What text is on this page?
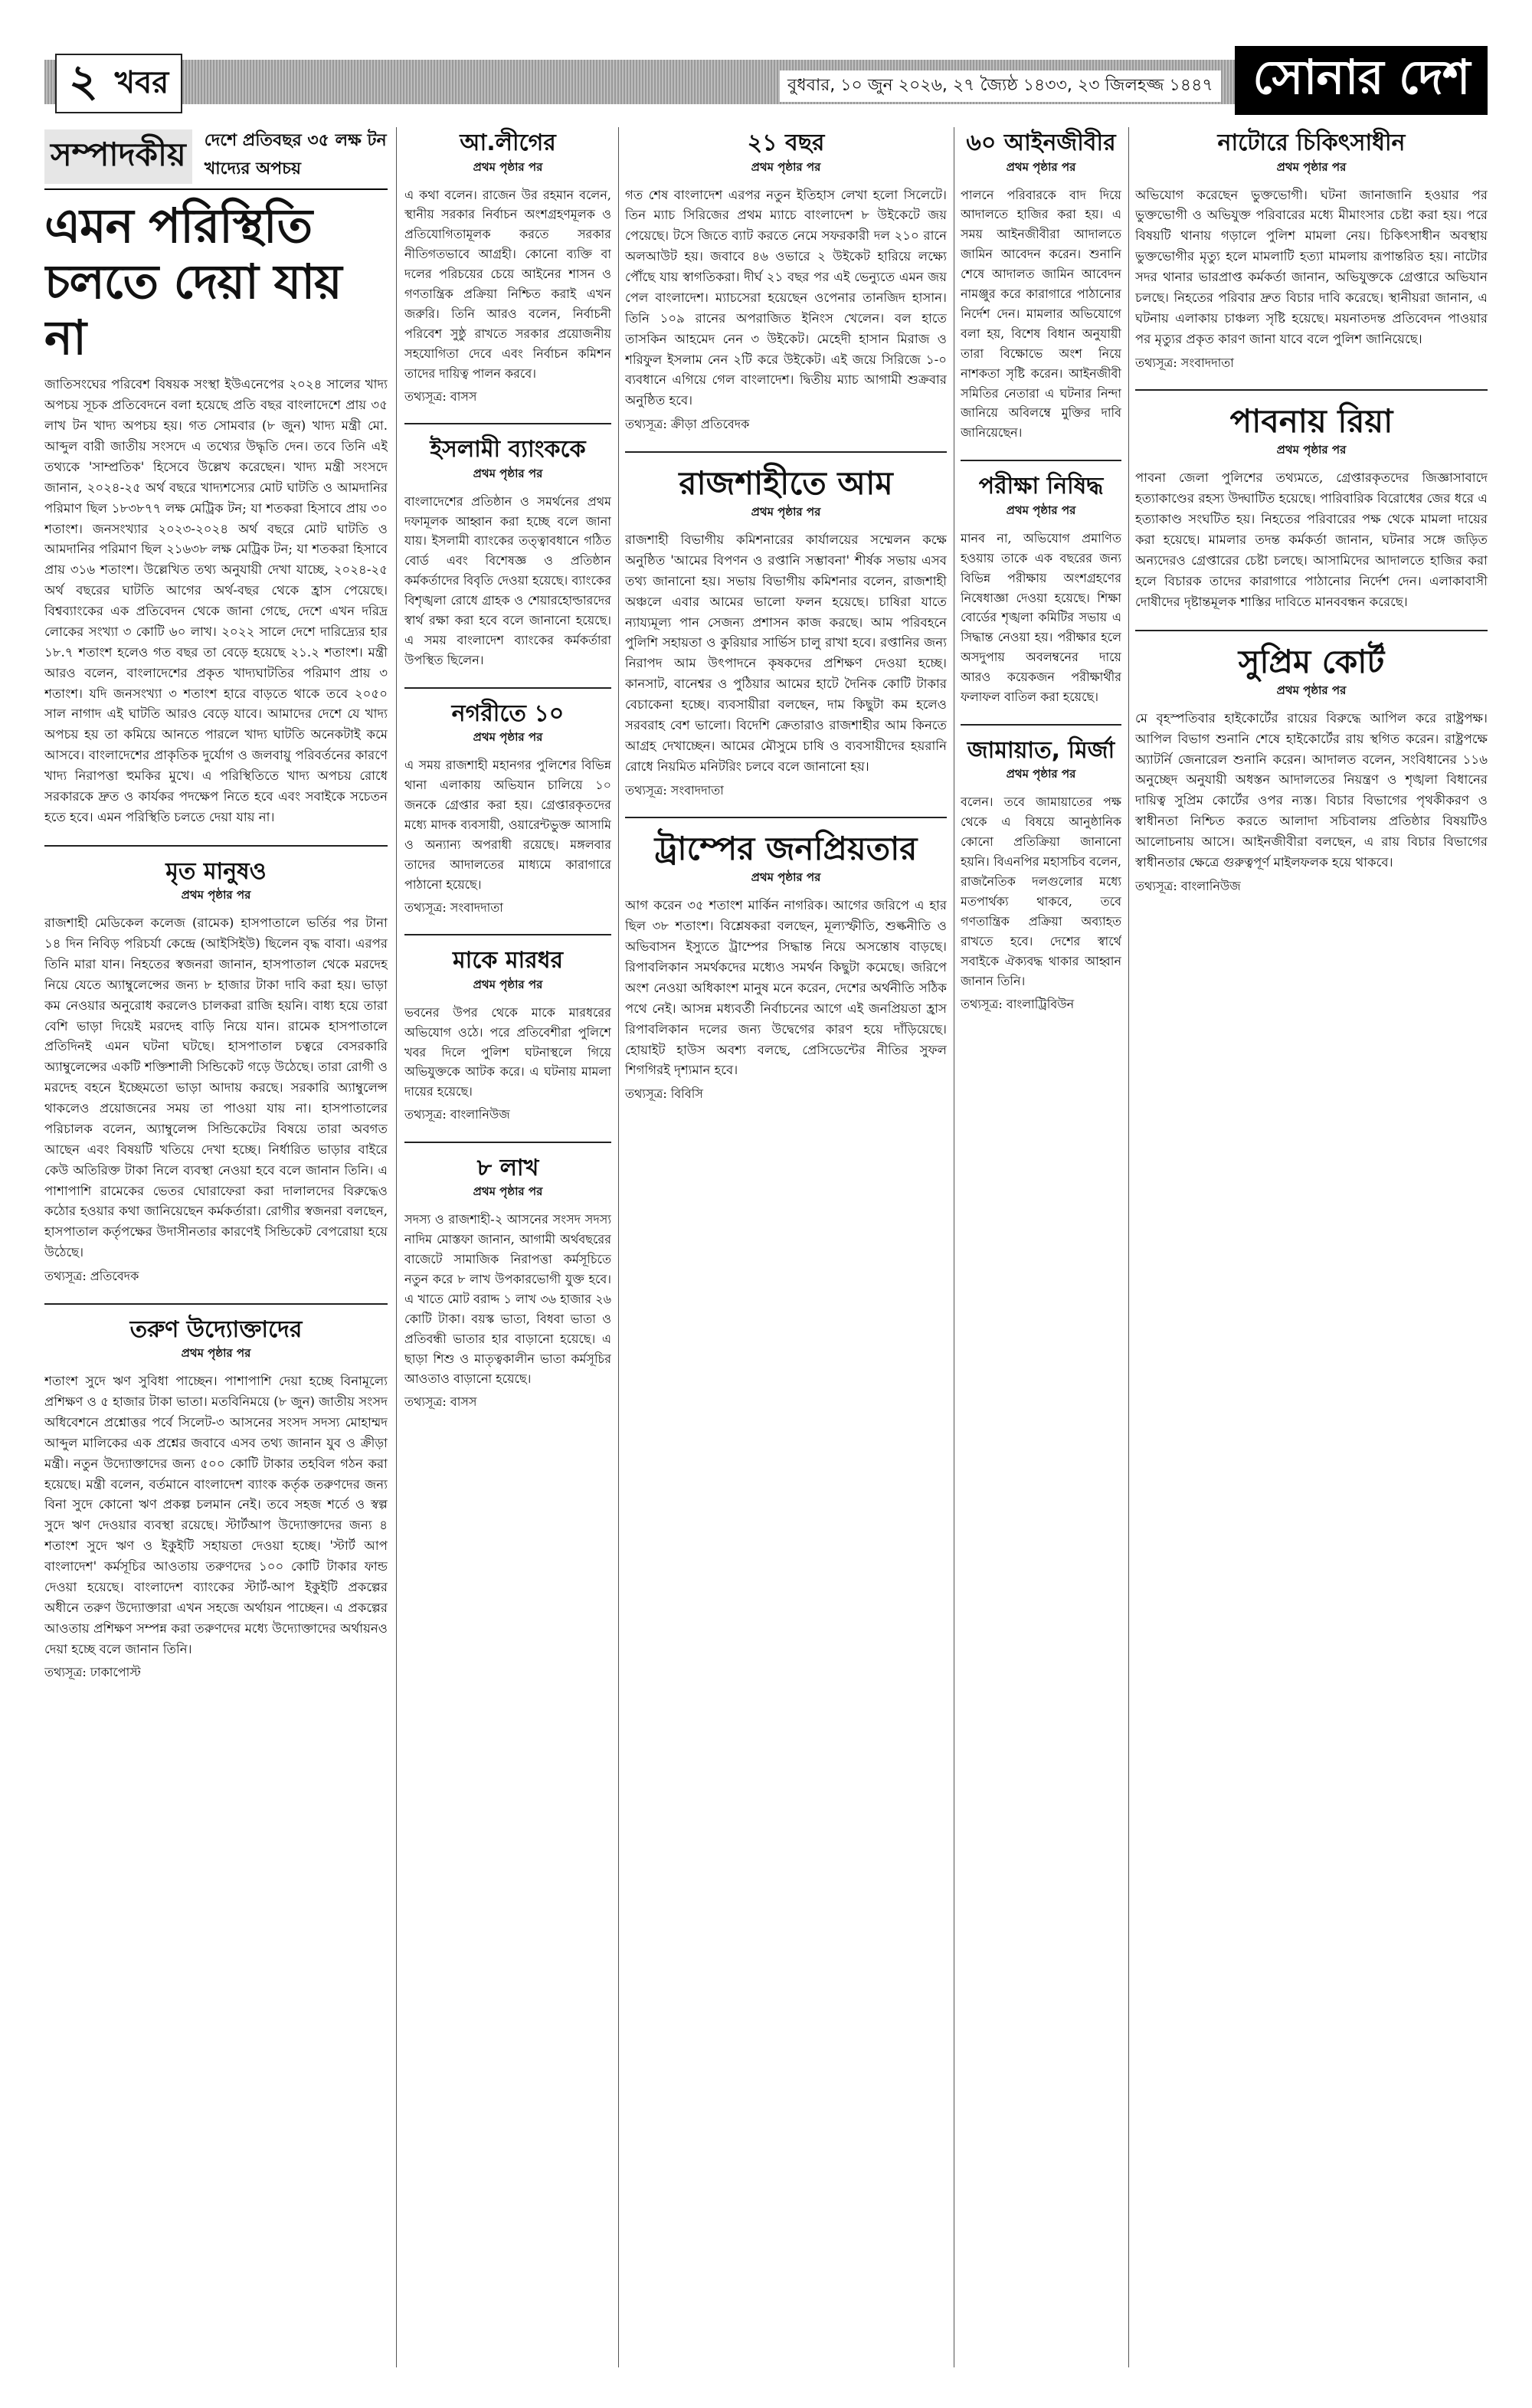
২ খবর	বুধবার, ১০ জুন ২০২৬, ২৭ জ্যৈষ্ঠ ১৪৩৩, ২৩ জিলহজ্জ ১৪৪৭ সোনার দেশ
সম্পাদকীয়	দেশে প্রতিবছর ৩৫ লক্ষ টন খাদ্যের অপচয়
এমন পরিস্থিতি চলতে দেয়া যায় না

জাতিসংঘের পরিবেশ বিষয়ক সংস্থা ইউএনেপের ২০২৪ সালের খাদ্য অপচয় সূচক প্রতিবেদনে বলা হয়েছে প্রতি বছর বাংলাদেশে প্রায় ৩৫ লাখ টন খাদ্য অপচয় হয়। গত সোমবার (৮ জুন) খাদ্য মন্ত্রী মো. আব্দুল বারী জাতীয় সংসদে এ তথ্যের উদ্ধৃতি দেন। তবে তিনি এই তথ্যকে 'সাম্প্রতিক' হিসেবে উল্লেখ করেছেন। খাদ্য মন্ত্রী সংসদে জানান, ২০২৪-২৫ অর্থ বছরে খাদ্যশস্যের মোট ঘাটতি ও আমদানির পরিমাণ ছিল ১৮৩৮৭৭ লক্ষ মেট্রিক টন; যা শতকরা হিসাবে প্রায় ৩০ শতাংশ। জনসংখ্যার ২০২৩-২০২৪ অর্থ বছরে মোট ঘাটতি ও আমদানির পরিমাণ ছিল ২১৬৩৮ লক্ষ মেট্রিক টন; যা শতকরা হিসাবে প্রায় ৩১৬ শতাংশ। উল্লেখিত তথ্য অনুযায়ী দেখা যাচ্ছে, ২০২৪-২৫ অর্থ বছরের ঘাটতি আগের অর্থ-বছর থেকে হ্রাস পেয়েছে। বিশ্বব্যাংকের এক প্রতিবেদন থেকে জানা গেছে, দেশে এখন দরিদ্র লোকের সংখ্যা ৩ কোটি ৬০ লাখ। ২০২২ সালে দেশে দারিদ্র্যের হার ১৮.৭ শতাংশ হলেও গত বছর তা বেড়ে হয়েছে ২১.২ শতাংশ। মন্ত্রী আরও বলেন, বাংলাদেশের প্রকৃত খাদ্যঘাটতির পরিমাণ প্রায় ৩ শতাংশ। যদি জনসংখ্যা ৩ শতাংশ হারে বাড়তে থাকে তবে ২০৫০ সাল নাগাদ এই ঘাটতি আরও বেড়ে যাবে। আমাদের দেশে যে খাদ্য অপচয় হয় তা কমিয়ে আনতে পারলে খাদ্য ঘাটতি অনেকটাই কমে আসবে। বাংলাদেশের প্রাকৃতিক দুর্যোগ ও জলবায়ু পরিবর্তনের কারণে খাদ্য নিরাপত্তা হুমকির মুখে। এ পরিস্থিতিতে খাদ্য অপচয় রোধে সরকারকে দ্রুত ও কার্যকর পদক্ষেপ নিতে হবে এবং সবাইকে সচেতন হতে হবে। এমন পরিস্থিতি চলতে দেয়া যায় না।

মৃত মানুষও
প্রথম পৃষ্ঠার পর

রাজশাহী মেডিকেল কলেজ (রামেক) হাসপাতালে ভর্তির পর টানা ১৪ দিন নিবিড় পরিচর্যা কেন্দ্রে (আইসিইউ) ছিলেন বৃদ্ধ বাবা। এরপর তিনি মারা যান। নিহতের স্বজনরা জানান, হাসপাতাল থেকে মরদেহ নিয়ে যেতে অ্যাম্বুলেন্সের জন্য ৮ হাজার টাকা দাবি করা হয়। ভাড়া কম নেওয়ার অনুরোধ করলেও চালকরা রাজি হয়নি। বাধ্য হয়ে তারা বেশি ভাড়া দিয়েই মরদেহ বাড়ি নিয়ে যান। রামেক হাসপাতালে প্রতিদিনই এমন ঘটনা ঘটছে। হাসপাতাল চত্বরে বেসরকারি অ্যাম্বুলেন্সের একটি শক্তিশালী সিন্ডিকেট গড়ে উঠেছে। তারা রোগী ও মরদেহ বহনে ইচ্ছেমতো ভাড়া আদায় করছে। সরকারি অ্যাম্বুলেন্স থাকলেও প্রয়োজনের সময় তা পাওয়া যায় না। হাসপাতালের পরিচালক বলেন, অ্যাম্বুলেন্স সিন্ডিকেটের বিষয়ে তারা অবগত আছেন এবং বিষয়টি খতিয়ে দেখা হচ্ছে। নির্ধারিত ভাড়ার বাইরে কেউ অতিরিক্ত টাকা নিলে ব্যবস্থা নেওয়া হবে বলে জানান তিনি। এ পাশাপাশি রামেকের ভেতর ঘোরাফেরা করা দালালদের বিরুদ্ধেও কঠোর হওয়ার কথা জানিয়েছেন কর্মকর্তারা। রোগীর স্বজনরা বলছেন, হাসপাতাল কর্তৃপক্ষের উদাসীনতার কারণেই সিন্ডিকেট বেপরোয়া হয়ে উঠেছে।

তথ্যসূত্র: প্রতিবেদক
তরুণ উদ্যোক্তাদের
প্রথম পৃষ্ঠার পর

শতাংশ সুদে ঋণ সুবিধা পাচ্ছেন। পাশাপাশি দেয়া হচ্ছে বিনামূল্যে প্রশিক্ষণ ও ৫ হাজার টাকা ভাতা। মতবিনিময়ে (৮ জুন) জাতীয় সংসদ অধিবেশনে প্রশ্নোত্তর পর্বে সিলেট-৩ আসনের সংসদ সদস্য মোহাম্মদ আব্দুল মালিকের এক প্রশ্নের জবাবে এসব তথ্য জানান যুব ও ক্রীড়া মন্ত্রী। নতুন উদ্যোক্তাদের জন্য ৫০০ কোটি টাকার তহবিল গঠন করা হয়েছে। মন্ত্রী বলেন, বর্তমানে বাংলাদেশ ব্যাংক কর্তৃক তরুণদের জন্য বিনা সুদে কোনো ঋণ প্রকল্প চলমান নেই। তবে সহজ শর্তে ও স্বল্প সুদে ঋণ দেওয়ার ব্যবস্থা রয়েছে। স্টার্টআপ উদ্যোক্তাদের জন্য ৪ শতাংশ সুদে ঋণ ও ইকুইটি সহায়তা দেওয়া হচ্ছে। 'স্টার্ট আপ বাংলাদেশ' কর্মসূচির আওতায় তরুণদের ১০০ কোটি টাকার ফান্ড দেওয়া হয়েছে। বাংলাদেশ ব্যাংকের স্টার্ট-আপ ইকুইটি প্রকল্পের অধীনে তরুণ উদ্যোক্তারা এখন সহজে অর্থায়ন পাচ্ছেন। এ প্রকল্পের আওতায় প্রশিক্ষণ সম্পন্ন করা তরুণদের মধ্যে উদ্যোক্তাদের অর্থায়নও দেয়া হচ্ছে বলে জানান তিনি।

তথ্যসূত্র: ঢাকাপোস্ট
আ.লীগের
প্রথম পৃষ্ঠার পর

এ কথা বলেন। রাজেন উর রহমান বলেন, স্থানীয় সরকার নির্বাচন অংশগ্রহণমূলক ও প্রতিযোগিতামূলক করতে সরকার নীতিগতভাবে আগ্রহী। কোনো ব্যক্তি বা দলের পরিচয়ের চেয়ে আইনের শাসন ও গণতান্ত্রিক প্রক্রিয়া নিশ্চিত করাই এখন জরুরি। তিনি আরও বলেন, নির্বাচনী পরিবেশ সুষ্ঠু রাখতে সরকার প্রয়োজনীয় সহযোগিতা দেবে এবং নির্বাচন কমিশন তাদের দায়িত্ব পালন করবে।

তথ্যসূত্র: বাসস
ইসলামী ব্যাংককে
প্রথম পৃষ্ঠার পর

বাংলাদেশের প্রতিষ্ঠান ও সমর্থনের প্রথম দফামূলক আহ্বান করা হচ্ছে বলে জানা যায়। ইসলামী ব্যাংকের তত্ত্বাবধানে গঠিত বোর্ড এবং বিশেষজ্ঞ ও প্রতিষ্ঠান কর্মকর্তাদের বিবৃতি দেওয়া হয়েছে। ব্যাংকের বিশৃঙ্খলা রোধে গ্রাহক ও শেয়ারহোল্ডারদের স্বার্থ রক্ষা করা হবে বলে জানানো হয়েছে। এ সময় বাংলাদেশ ব্যাংকের কর্মকর্তারা উপস্থিত ছিলেন।

নগরীতে ১০
প্রথম পৃষ্ঠার পর

এ সময় রাজশাহী মহানগর পুলিশের বিভিন্ন থানা এলাকায় অভিযান চালিয়ে ১০ জনকে গ্রেপ্তার করা হয়। গ্রেপ্তারকৃতদের মধ্যে মাদক ব্যবসায়ী, ওয়ারেন্টভুক্ত আসামি ও অন্যান্য অপরাধী রয়েছে। মঙ্গলবার তাদের আদালতের মাধ্যমে কারাগারে পাঠানো হয়েছে।

তথ্যসূত্র: সংবাদদাতা
মাকে মারধর
প্রথম পৃষ্ঠার পর

ভবনের উপর থেকে মাকে মারধরের অভিযোগ ওঠে। পরে প্রতিবেশীরা পুলিশে খবর দিলে পুলিশ ঘটনাস্থলে গিয়ে অভিযুক্তকে আটক করে। এ ঘটনায় মামলা দায়ের হয়েছে।

তথ্যসূত্র: বাংলানিউজ
৮ লাখ
প্রথম পৃষ্ঠার পর

সদস্য ও রাজশাহী-২ আসনের সংসদ সদস্য নাদিম মোস্তফা জানান, আগামী অর্থবছরের বাজেটে সামাজিক নিরাপত্তা কর্মসূচিতে নতুন করে ৮ লাখ উপকারভোগী যুক্ত হবে। এ খাতে মোট বরাদ্দ ১ লাখ ৩৬ হাজার ২৬ কোটি টাকা। বয়স্ক ভাতা, বিধবা ভাতা ও প্রতিবন্ধী ভাতার হার বাড়ানো হয়েছে। এ ছাড়া শিশু ও মাতৃত্বকালীন ভাতা কর্মসূচির আওতাও বাড়ানো হয়েছে।

তথ্যসূত্র: বাসস
২১ বছর
প্রথম পৃষ্ঠার পর

গত শেষ বাংলাদেশ এরপর নতুন ইতিহাস লেখা হলো সিলেটে। তিন ম্যাচ সিরিজের প্রথম ম্যাচে বাংলাদেশ ৮ উইকেটে জয় পেয়েছে। টসে জিতে ব্যাট করতে নেমে সফরকারী দল ২১০ রানে অলআউট হয়। জবাবে ৪৬ ওভারে ২ উইকেট হারিয়ে লক্ষ্যে পৌঁছে যায় স্বাগতিকরা। দীর্ঘ ২১ বছর পর এই ভেন্যুতে এমন জয় পেল বাংলাদেশ। ম্যাচসেরা হয়েছেন ওপেনার তানজিদ হাসান। তিনি ১০৯ রানের অপরাজিত ইনিংস খেলেন। বল হাতে তাসকিন আহমেদ নেন ৩ উইকেট। মেহেদী হাসান মিরাজ ও শরিফুল ইসলাম নেন ২টি করে উইকেট। এই জয়ে সিরিজে ১-০ ব্যবধানে এগিয়ে গেল বাংলাদেশ। দ্বিতীয় ম্যাচ আগামী শুক্রবার অনুষ্ঠিত হবে।

তথ্যসূত্র: ক্রীড়া প্রতিবেদক
রাজশাহীতে আম
প্রথম পৃষ্ঠার পর

রাজশাহী বিভাগীয় কমিশনারের কার্যালয়ের সম্মেলন কক্ষে অনুষ্ঠিত 'আমের বিপণন ও রপ্তানি সম্ভাবনা' শীর্ষক সভায় এসব তথ্য জানানো হয়। সভায় বিভাগীয় কমিশনার বলেন, রাজশাহী অঞ্চলে এবার আমের ভালো ফলন হয়েছে। চাষিরা যাতে ন্যায্যমূল্য পান সেজন্য প্রশাসন কাজ করছে। আম পরিবহনে পুলিশি সহায়তা ও কুরিয়ার সার্ভিস চালু রাখা হবে। রপ্তানির জন্য নিরাপদ আম উৎপাদনে কৃষকদের প্রশিক্ষণ দেওয়া হচ্ছে। কানসাট, বানেশ্বর ও পুঠিয়ার আমের হাটে দৈনিক কোটি টাকার বেচাকেনা হচ্ছে। ব্যবসায়ীরা বলছেন, দাম কিছুটা কম হলেও সরবরাহ বেশ ভালো। বিদেশি ক্রেতারাও রাজশাহীর আম কিনতে আগ্রহ দেখাচ্ছেন। আমের মৌসুমে চাষি ও ব্যবসায়ীদের হয়রানি রোধে নিয়মিত মনিটরিং চলবে বলে জানানো হয়।

তথ্যসূত্র: সংবাদদাতা
ট্রাম্পের জনপ্রিয়তার
প্রথম পৃষ্ঠার পর

আগ করেন ৩৫ শতাংশ মার্কিন নাগরিক। আগের জরিপে এ হার ছিল ৩৮ শতাংশ। বিশ্লেষকরা বলছেন, মূল্যস্ফীতি, শুল্কনীতি ও অভিবাসন ইস্যুতে ট্রাম্পের সিদ্ধান্ত নিয়ে অসন্তোষ বাড়ছে। রিপাবলিকান সমর্থকদের মধ্যেও সমর্থন কিছুটা কমেছে। জরিপে অংশ নেওয়া অধিকাংশ মানুষ মনে করেন, দেশের অর্থনীতি সঠিক পথে নেই। আসন্ন মধ্যবর্তী নির্বাচনের আগে এই জনপ্রিয়তা হ্রাস রিপাবলিকান দলের জন্য উদ্বেগের কারণ হয়ে দাঁড়িয়েছে। হোয়াইট হাউস অবশ্য বলছে, প্রেসিডেন্টের নীতির সুফল শিগগিরই দৃশ্যমান হবে।

তথ্যসূত্র: বিবিসি
৬০ আইনজীবীর
প্রথম পৃষ্ঠার পর

পালনে পরিবারকে বাদ দিয়ে আদালতে হাজির করা হয়। এ সময় আইনজীবীরা আদালতে জামিন আবেদন করেন। শুনানি শেষে আদালত জামিন আবেদন নামঞ্জুর করে কারাগারে পাঠানোর নির্দেশ দেন। মামলার অভিযোগে বলা হয়, বিশেষ বিধান অনুযায়ী তারা বিক্ষোভে অংশ নিয়ে নাশকতা সৃষ্টি করেন। আইনজীবী সমিতির নেতারা এ ঘটনার নিন্দা জানিয়ে অবিলম্বে মুক্তির দাবি জানিয়েছেন।

পরীক্ষা নিষিদ্ধ
প্রথম পৃষ্ঠার পর

মানব না, অভিযোগ প্রমাণিত হওয়ায় তাকে এক বছরের জন্য বিভিন্ন পরীক্ষায় অংশগ্রহণের নিষেধাজ্ঞা দেওয়া হয়েছে। শিক্ষা বোর্ডের শৃঙ্খলা কমিটির সভায় এ সিদ্ধান্ত নেওয়া হয়। পরীক্ষার হলে অসদুপায় অবলম্বনের দায়ে আরও কয়েকজন পরীক্ষার্থীর ফলাফল বাতিল করা হয়েছে।

জামায়াত, মির্জা
প্রথম পৃষ্ঠার পর

বলেন। তবে জামায়াতের পক্ষ থেকে এ বিষয়ে আনুষ্ঠানিক কোনো প্রতিক্রিয়া জানানো হয়নি। বিএনপির মহাসচিব বলেন, রাজনৈতিক দলগুলোর মধ্যে মতপার্থক্য থাকবে, তবে গণতান্ত্রিক প্রক্রিয়া অব্যাহত রাখতে হবে। দেশের স্বার্থে সবাইকে ঐক্যবদ্ধ থাকার আহ্বান জানান তিনি।

তথ্যসূত্র: বাংলাট্রিবিউন
নাটোরে চিকিৎসাধীন
প্রথম পৃষ্ঠার পর

অভিযোগ করেছেন ভুক্তভোগী। ঘটনা জানাজানি হওয়ার পর ভুক্তভোগী ও অভিযুক্ত পরিবারের মধ্যে মীমাংসার চেষ্টা করা হয়। পরে বিষয়টি থানায় গড়ালে পুলিশ মামলা নেয়। চিকিৎসাধীন অবস্থায় ভুক্তভোগীর মৃত্যু হলে মামলাটি হত্যা মামলায় রূপান্তরিত হয়। নাটোর সদর থানার ভারপ্রাপ্ত কর্মকর্তা জানান, অভিযুক্তকে গ্রেপ্তারে অভিযান চলছে। নিহতের পরিবার দ্রুত বিচার দাবি করেছে। স্থানীয়রা জানান, এ ঘটনায় এলাকায় চাঞ্চল্য সৃষ্টি হয়েছে। ময়নাতদন্ত প্রতিবেদন পাওয়ার পর মৃত্যুর প্রকৃত কারণ জানা যাবে বলে পুলিশ জানিয়েছে।

তথ্যসূত্র: সংবাদদাতা
পাবনায় রিয়া
প্রথম পৃষ্ঠার পর

পাবনা জেলা পুলিশের তথ্যমতে, গ্রেপ্তারকৃতদের জিজ্ঞাসাবাদে হত্যাকাণ্ডের রহস্য উদ্ঘাটিত হয়েছে। পারিবারিক বিরোধের জের ধরে এ হত্যাকাণ্ড সংঘটিত হয়। নিহতের পরিবারের পক্ষ থেকে মামলা দায়ের করা হয়েছে। মামলার তদন্ত কর্মকর্তা জানান, ঘটনার সঙ্গে জড়িত অন্যদেরও গ্রেপ্তারের চেষ্টা চলছে। আসামিদের আদালতে হাজির করা হলে বিচারক তাদের কারাগারে পাঠানোর নির্দেশ দেন। এলাকাবাসী দোষীদের দৃষ্টান্তমূলক শাস্তির দাবিতে মানববন্ধন করেছে।

সুপ্রিম কোর্ট
প্রথম পৃষ্ঠার পর

মে বৃহস্পতিবার হাইকোর্টের রায়ের বিরুদ্ধে আপিল করে রাষ্ট্রপক্ষ। আপিল বিভাগ শুনানি শেষে হাইকোর্টের রায় স্থগিত করেন। রাষ্ট্রপক্ষে অ্যাটর্নি জেনারেল শুনানি করেন। আদালত বলেন, সংবিধানের ১১৬ অনুচ্ছেদ অনুযায়ী অধস্তন আদালতের নিয়ন্ত্রণ ও শৃঙ্খলা বিধানের দায়িত্ব সুপ্রিম কোর্টের ওপর ন্যস্ত। বিচার বিভাগের পৃথকীকরণ ও স্বাধীনতা নিশ্চিত করতে আলাদা সচিবালয় প্রতিষ্ঠার বিষয়টিও আলোচনায় আসে। আইনজীবীরা বলছেন, এ রায় বিচার বিভাগের স্বাধীনতার ক্ষেত্রে গুরুত্বপূর্ণ মাইলফলক হয়ে থাকবে।

তথ্যসূত্র: বাংলানিউজ
